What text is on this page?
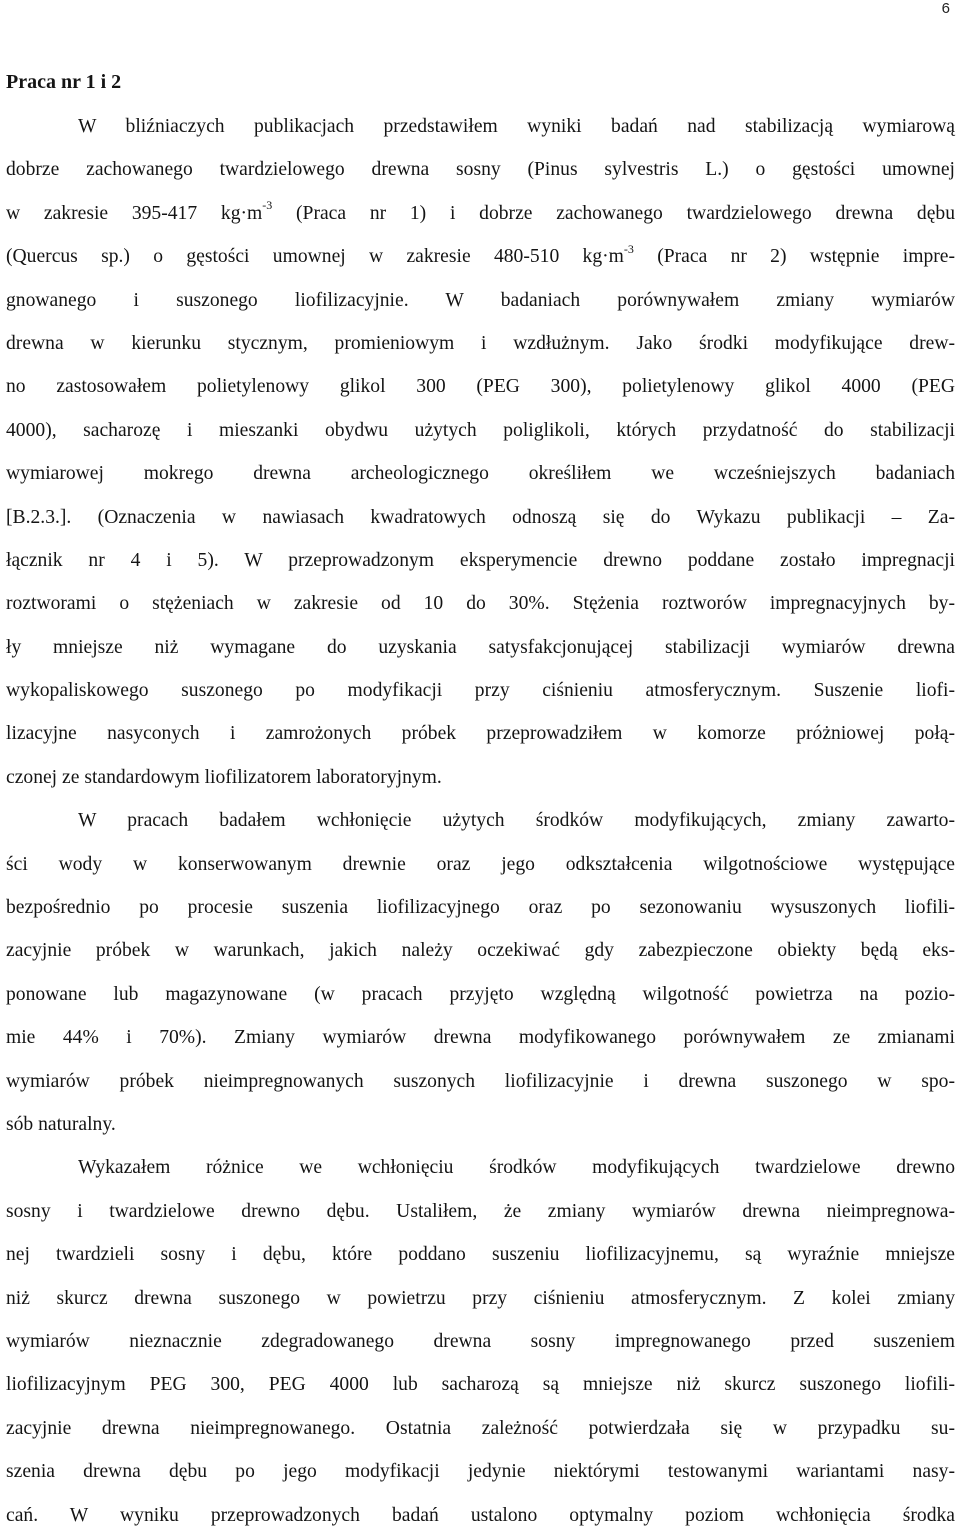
6
Praca nr 1 i 2
W bliźniaczych publikacjach przedstawiłem wyniki badań nad stabilizacją wymiarową
dobrze zachowanego twardzielowego drewna sosny (Pinus sylvestris L.) o gęstości umownej
w zakresie 395-417 $kg\cdot m^{-3}$ (Praca nr 1) i dobrze zachowanego twardzielowego drewna dębu
(Quercus sp.) o gęstości umownej w zakresie 480-510 $kg\cdot m^{-3}$ (Praca nr 2) wstępnie impre-
gnowanego i suszonego liofilizacyjnie. W badaniach porównywałem zmiany wymiarów
drewna w kierunku stycznym, promieniowym i wzdłużnym. Jako środki modyfikujące drew-
no zastosowałem polietylenowy glikol 300 (PEG 300), polietylenowy glikol 4000 (PEG
4000), sacharozę i mieszanki obydwu użytych poliglikoli, których przydatność do stabilizacji
wymiarowej mokrego drewna archeologicznego określiłem we wcześniejszych badaniach
[B.2.3.]. (Oznaczenia w nawiasach kwadratowych odnoszą się do Wykazu publikacji – Za-
łącznik nr 4 i 5). W przeprowadzonym eksperymencie drewno poddane zostało impregnacji
roztworami o stężeniach w zakresie od 10 do 30%. Stężenia roztworów impregnacyjnych by-
ły mniejsze niż wymagane do uzyskania satysfakcjonującej stabilizacji wymiarów drewna
wykopaliskowego suszonego po modyfikacji przy ciśnieniu atmosferycznym. Suszenie liofi-
lizacyjne nasyconych i zamrożonych próbek przeprowadziłem w komorze próżniowej połą-
czonej ze standardowym liofilizatorem laboratoryjnym.
W pracach badałem wchłonięcie użytych środków modyfikujących, zmiany zawarto-
ści wody w konserwowanym drewnie oraz jego odkształcenia wilgotnościowe występujące
bezpośrednio po procesie suszenia liofilizacyjnego oraz po sezonowaniu wysuszonych liofili-
zacyjnie próbek w warunkach, jakich należy oczekiwać gdy zabezpieczone obiekty będą eks-
ponowane lub magazynowane (w pracach przyjęto względną wilgotność powietrza na pozio-
mie 44% i 70%). Zmiany wymiarów drewna modyfikowanego porównywałem ze zmianami
wymiarów próbek nieimpregnowanych suszonych liofilizacyjnie i drewna suszonego w spo-
sób naturalny.
Wykazałem różnice we wchłonięciu środków modyfikujących twardzielowe drewno
sosny i twardzielowe drewno dębu. Ustaliłem, że zmiany wymiarów drewna nieimpregnowa-
nej twardzieli sosny i dębu, które poddano suszeniu liofilizacyjnemu, są wyraźnie mniejsze
niż skurcz drewna suszonego w powietrzu przy ciśnieniu atmosferycznym. Z kolei zmiany
wymiarów nieznacznie zdegradowanego drewna sosny impregnowanego przed suszeniem
liofilizacyjnym PEG 300, PEG 4000 lub sacharozą są mniejsze niż skurcz suszonego liofili-
zacyjnie drewna nieimpregnowanego. Ostatnia zależność potwierdzała się w przypadku su-
szenia drewna dębu po jego modyfikacji jedynie niektórymi testowanymi wariantami nasy-
cań. W wyniku przeprowadzonych badań ustalono optymalny poziom wchłonięcia środka
